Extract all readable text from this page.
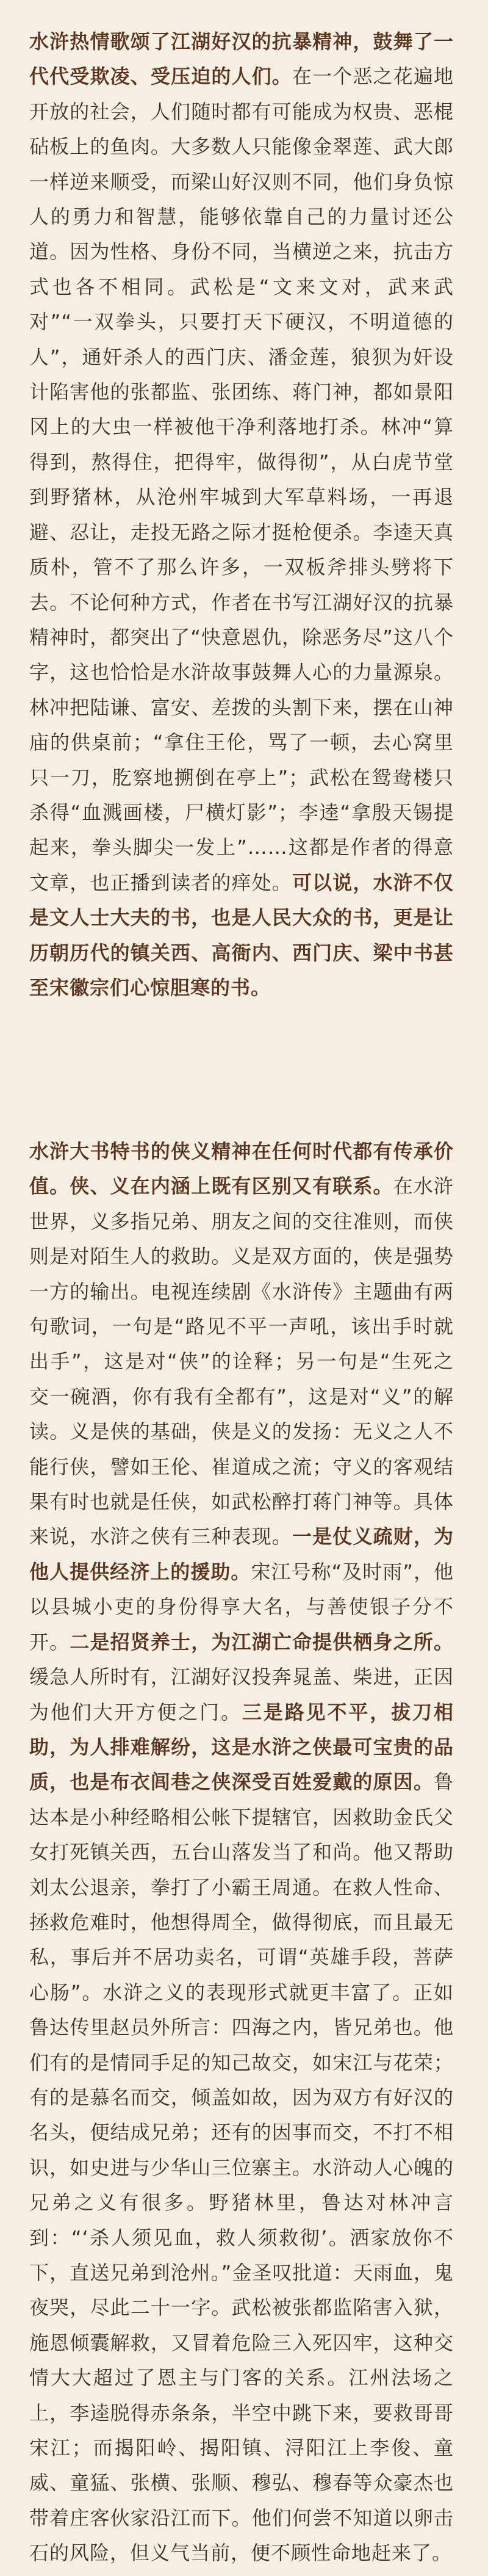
水浒热情歌颂了江湖好汉的抗暴精神，鼓舞了一代代受欺凌、受压迫的人们。在一个恶之花遍地开放的社会，人们随时都有可能成为权贵、恶棍砧板上的鱼肉。大多数人只能像金翠莲、武大郎一样逆来顺受，而梁山好汉则不同，他们身负惊人的勇力和智慧，能够依靠自己的力量讨还公道。因为性格、身份不同，当横逆之来，抗击方式也各不相同。武松是“文来文对，武来武对”“一双拳头，只要打天下硬汉，不明道德的人”，通奸杀人的西门庆、潘金莲，狼狈为奸设计陷害他的张都监、张团练、蒋门神，都如景阳冈上的大虫一样被他干净利落地打杀。林冲“算得到，熬得住，把得牢，做得彻”，从白虎节堂到野猪林，从沧州牢城到大军草料场，一再退避、忍让，走投无路之际才挺枪便杀。李逵天真质朴，管不了那么许多，一双板斧排头劈将下去。不论何种方式，作者在书写江湖好汉的抗暴精神时，都突出了“快意恩仇，除恶务尽”这八个字，这也恰恰是水浒故事鼓舞人心的力量源泉。林冲把陆谦、富安、差拨的头割下来，摆在山神庙的供桌前；“拿住王伦，骂了一顿，去心窝里只一刀，肐察地搠倒在亭上”；武松在鸳鸯楼只杀得“血溅画楼，尸横灯影”；李逵“拿殷天锡提起来，拳头脚尖一发上”……这都是作者的得意文章，也正播到读者的痒处。可以说，水浒不仅是文人士大夫的书，也是人民大众的书，更是让历朝历代的镇关西、高衙内、西门庆、梁中书甚至宋徽宗们心惊胆寒的书。

水浒大书特书的侠义精神在任何时代都有传承价值。侠、义在内涵上既有区别又有联系。在水浒世界，义多指兄弟、朋友之间的交往准则，而侠则是对陌生人的救助。义是双方面的，侠是强势一方的输出。电视连续剧《水浒传》主题曲有两句歌词，一句是“路见不平一声吼，该出手时就出手”，这是对“侠”的诠释；另一句是“生死之交一碗酒，你有我有全都有”，这是对“义”的解读。义是侠的基础，侠是义的发扬：无义之人不能行侠，譬如王伦、崔道成之流；守义的客观结果有时也就是任侠，如武松醉打蒋门神等。具体来说，水浒之侠有三种表现。一是仗义疏财，为他人提供经济上的援助。宋江号称“及时雨”，他以县城小吏的身份得享大名，与善使银子分不开。二是招贤养士，为江湖亡命提供栖身之所。缓急人所时有，江湖好汉投奔晁盖、柴进，正因为他们大开方便之门。三是路见不平，拔刀相助，为人排难解纷，这是水浒之侠最可宝贵的品质，也是布衣闾巷之侠深受百姓爱戴的原因。鲁达本是小种经略相公帐下提辖官，因救助金氏父女打死镇关西，五台山落发当了和尚。他又帮助刘太公退亲，拳打了小霸王周通。在救人性命、拯救危难时，他想得周全，做得彻底，而且最无私，事后并不居功卖名，可谓“英雄手段，菩萨心肠”。水浒之义的表现形式就更丰富了。正如鲁达传里赵员外所言：四海之内，皆兄弟也。他们有的是情同手足的知己故交，如宋江与花荣；有的是慕名而交，倾盖如故，因为双方有好汉的名头，便结成兄弟；还有的因事而交，不打不相识，如史进与少华山三位寨主。水浒动人心魄的兄弟之义有很多。野猪林里，鲁达对林冲言到：“‘杀人须见血，救人须救彻’。洒家放你不下，直送兄弟到沧州。”金圣叹批道：天雨血，鬼夜哭，尽此二十一字。武松被张都监陷害入狱，施恩倾囊解救，又冒着危险三入死囚牢，这种交情大大超过了恩主与门客的关系。江州法场之上，李逵脱得赤条条，半空中跳下来，要救哥哥宋江；而揭阳岭、揭阳镇、浔阳江上李俊、童威、童猛、张横、张顺、穆弘、穆春等众豪杰也带着庄客伙家沿江而下。他们何尝不知道以卵击石的风险，但义气当前，便不顾性命地赶来了。
